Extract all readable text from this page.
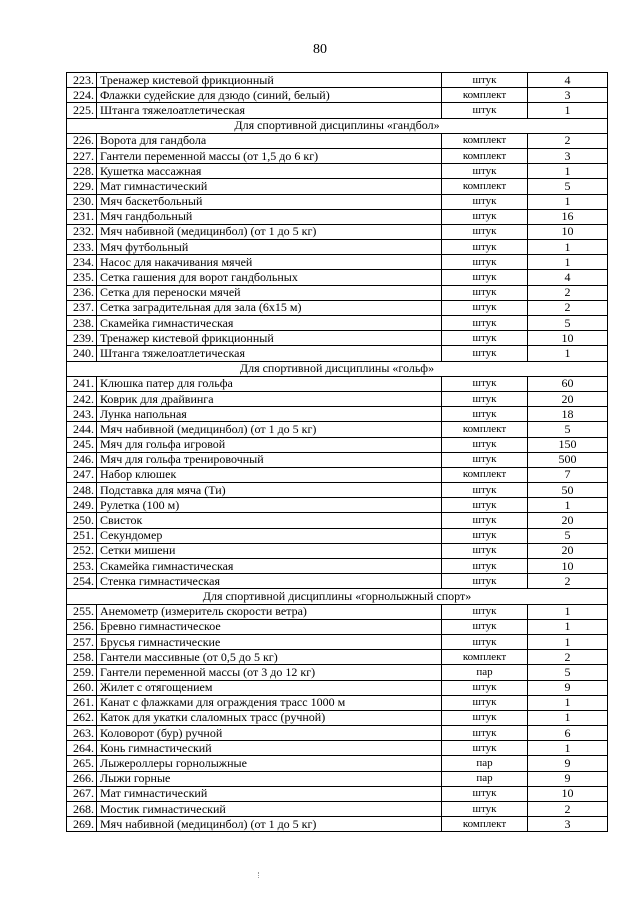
80
223.	Тренажер кистевой фрикционный	штук	4
224.	Флажки судейские для дзюдо (синий, белый)	комплект	3
225.	Штанга тяжелоатлетическая	штук	1
Для спортивной дисциплины «гандбол»			
226.	Ворота для гандбола	комплект	2
227.	Гантели переменной массы (от 1,5 до 6 кг)	комплект	3
228.	Кушетка массажная	штук	1
229.	Мат гимнастический	комплект	5
230.	Мяч баскетбольный	штук	1
231.	Мяч гандбольный	штук	16
232.	Мяч набивной (медицинбол) (от 1 до 5 кг)	штук	10
233.	Мяч футбольный	штук	1
234.	Насос для накачивания мячей	штук	1
235.	Сетка гашения для ворот гандбольных	штук	4
236.	Сетка для переноски мячей	штук	2
237.	Сетка заградительная для зала (6х15 м)	штук	2
238.	Скамейка гимнастическая	штук	5
239.	Тренажер кистевой фрикционный	штук	10
240.	Штанга тяжелоатлетическая	штук	1
Для спортивной дисциплины «гольф»			
241.	Клюшка патер для гольфа	штук	60
242.	Коврик для драйвинга	штук	20
243.	Лунка напольная	штук	18
244.	Мяч набивной (медицинбол) (от 1 до 5 кг)	комплект	5
245.	Мяч для гольфа игровой	штук	150
246.	Мяч для гольфа тренировочный	штук	500
247.	Набор клюшек	комплект	7
248.	Подставка для мяча (Ти)	штук	50
249.	Рулетка (100 м)	штук	1
250.	Свисток	штук	20
251.	Секундомер	штук	5
252.	Сетки мишени	штук	20
253.	Скамейка гимнастическая	штук	10
254.	Стенка гимнастическая	штук	2
Для спортивной дисциплины «горнолыжный спорт»			
255.	Анемометр (измеритель скорости ветра)	штук	1
256.	Бревно гимнастическое	штук	1
257.	Брусья гимнастические	штук	1
258.	Гантели массивные (от 0,5 до 5 кг)	комплект	2
259.	Гантели переменной массы (от 3 до 12 кг)	пар	5
260.	Жилет с отягощением	штук	9
261.	Канат с флажками для ограждения трасс 1000 м	штук	1
262.	Каток для укатки слаломных трасс (ручной)	штук	1
263.	Коловорот (бур) ручной	штук	6
264.	Конь гимнастический	штук	1
265.	Лыжероллеры горнолыжные	пар	9
266.	Лыжи горные	пар	9
267.	Мат гимнастический	штук	10
268.	Мостик гимнастический	штук	2
269.	Мяч набивной (медицинбол) (от 1 до 5 кг)	комплект	3
